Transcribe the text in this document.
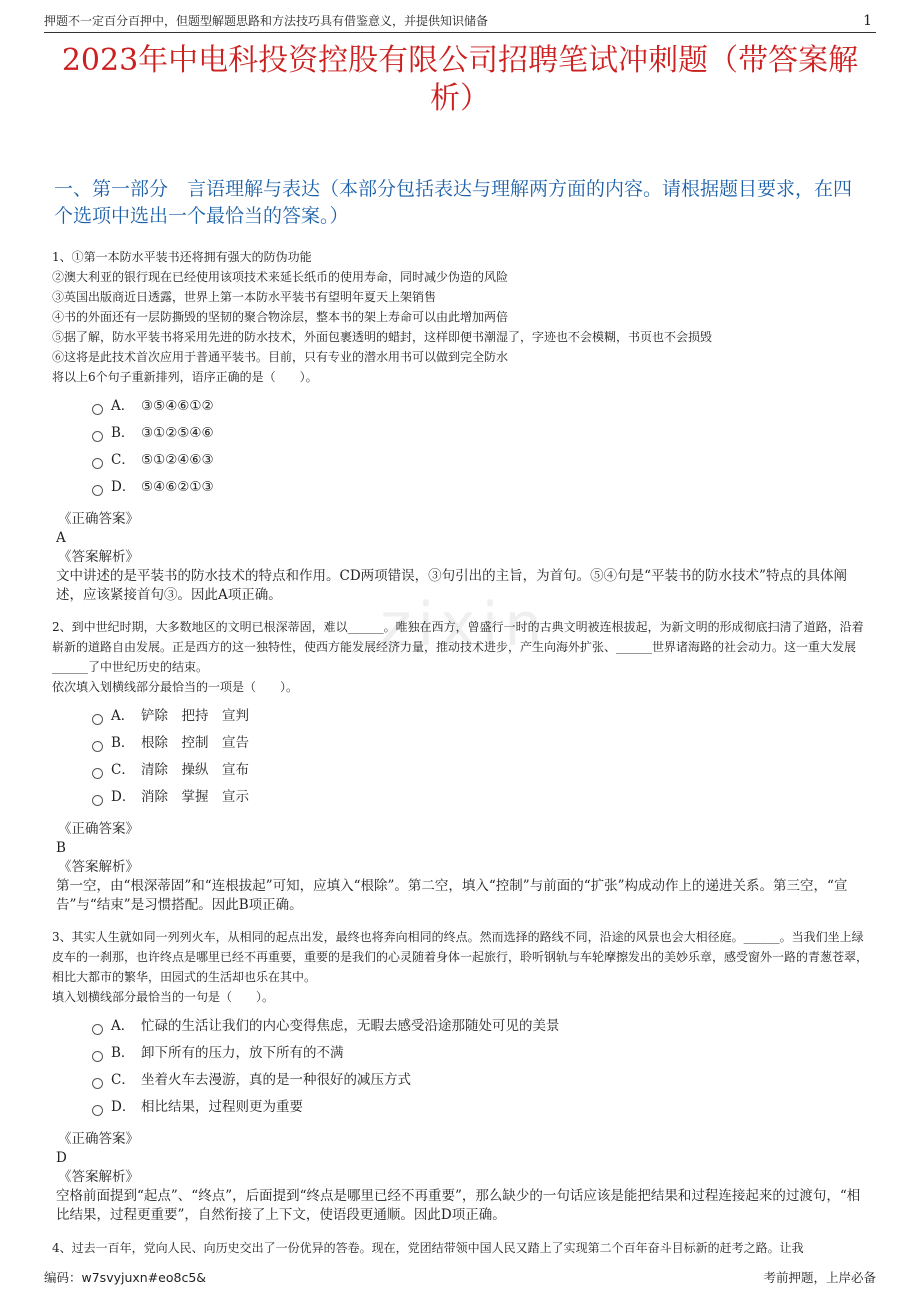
押题不一定百分百押中，但题型解题思路和方法技巧具有借鉴意义，并提供知识储备	1
2023年中电科投资控股有限公司招聘笔试冲刺题（带答案解析）
一、第一部分　言语理解与表达（本部分包括表达与理解两方面的内容。请根据题目要求，在四个选项中选出一个最恰当的答案。）
zixin

1、①第一本防水平装书还将拥有强大的防伪功能

②澳大利亚的银行现在已经使用该项技术来延长纸币的使用寿命，同时减少伪造的风险

③英国出版商近日透露，世界上第一本防水平装书有望明年夏天上架销售

④书的外面还有一层防撕毁的坚韧的聚合物涂层，整本书的架上寿命可以由此增加两倍

⑤据了解，防水平装书将采用先进的防水技术，外面包裹透明的蜡封，这样即便书潮湿了，字迹也不会模糊，书页也不会损毁

⑥这将是此技术首次应用于普通平装书。目前，只有专业的潜水用书可以做到完全防水

将以上6个句子重新排列，语序正确的是（　　）。

A． ③⑤④⑥①②
B． ③①②⑤④⑥
C． ⑤①②④⑥③
D． ⑤④⑥②①③

《正确答案》

A

《答案解析》

文中讲述的是平装书的防水技术的特点和作用。CD两项错误，③句引出的主旨，为首句。⑤④句是“平装书的防水技术”特点的具体阐述，应该紧接首句③。因此A项正确。

2、到中世纪时期，大多数地区的文明已根深蒂固，难以______。唯独在西方，曾盛行一时的古典文明被连根拔起，为新文明的形成彻底扫清了道路，沿着崭新的道路自由发展。正是西方的这一独特性，使西方能发展经济力量，推动技术进步，产生向海外扩张、______世界诸海路的社会动力。这一重大发展______了中世纪历史的结束。

依次填入划横线部分最恰当的一项是（　　）。

A． 铲除　把持　宣判
B． 根除　控制　宣告
C． 清除　操纵　宣布
D． 消除　掌握　宣示

《正确答案》

B

《答案解析》

第一空，由“根深蒂固”和“连根拔起”可知，应填入“根除”。第二空，填入“控制”与前面的“扩张”构成动作上的递进关系。第三空，“宣告”与“结束”是习惯搭配。因此B项正确。

3、其实人生就如同一列列火车，从相同的起点出发，最终也将奔向相同的终点。然而选择的路线不同，沿途的风景也会大相径庭。______。当我们坐上绿皮车的一刹那，也许终点是哪里已经不再重要，重要的是我们的心灵随着身体一起旅行，聆听钢轨与车轮摩擦发出的美妙乐章，感受窗外一路的青葱苍翠，相比大都市的繁华，田园式的生活却也乐在其中。

填入划横线部分最恰当的一句是（　　）。

A． 忙碌的生活让我们的内心变得焦虑，无暇去感受沿途那随处可见的美景
B． 卸下所有的压力，放下所有的不满
C． 坐着火车去漫游，真的是一种很好的减压方式
D． 相比结果，过程则更为重要

《正确答案》

D

《答案解析》

空格前面提到“起点”、“终点”，后面提到“终点是哪里已经不再重要”，那么缺少的一句话应该是能把结果和过程连接起来的过渡句，“相比结果，过程更重要”，自然衔接了上下文，使语段更通顺。因此D项正确。

4、过去一百年，党向人民、向历史交出了一份优异的答卷。现在，党团结带领中国人民又踏上了实现第二个百年奋斗目标新的赶考之路。让我

编码：w7svyjuxn#eo8c5&	考前押题，上岸必备
